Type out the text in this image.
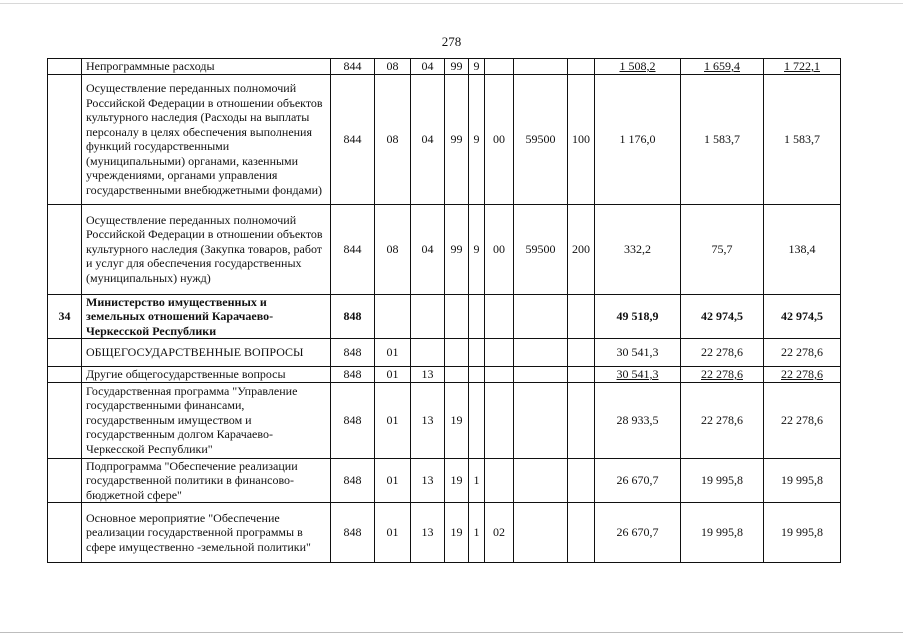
278
	Непрограммные расходы	844	08	04	99	9				1 508,2	1 659,4	1 722,1
	Осуществление переданных полномочий Российской Федерации в отношении объектов культурного наследия (Расходы на выплаты персоналу в целях обеспечения выполнения функций государственными (муниципальными) органами, казенными учреждениями, органами управления государственными внебюджетными фондами)	844	08	04	99	9	00	59500	100	1 176,0	1 583,7	1 583,7
	Осуществление переданных полномочий Российской Федерации в отношении объектов культурного наследия (Закупка товаров, работ и услуг для обеспечения государственных (муниципальных) нужд)	844	08	04	99	9	00	59500	200	332,2	75,7	138,4
34	Министерство имущественных и земельных отношений Карачаево-Черкесской Республики	848								49 518,9	42 974,5	42 974,5
	ОБЩЕГОСУДАРСТВЕННЫЕ ВОПРОСЫ	848	01							30 541,3	22 278,6	22 278,6
	Другие общегосударственные вопросы	848	01	13						30 541,3	22 278,6	22 278,6
	Государственная программа "Управление государственными финансами, государственным имуществом и государственным долгом Карачаево-Черкесской Республики"	848	01	13	19					28 933,5	22 278,6	22 278,6
	Подпрограмма "Обеспечение реализации государственной политики в финансово-бюджетной сфере"	848	01	13	19	1				26 670,7	19 995,8	19 995,8
	Основное мероприятие "Обеспечение реализации государственной программы в сфере имущественно -земельной политики"	848	01	13	19	1	02			26 670,7	19 995,8	19 995,8
